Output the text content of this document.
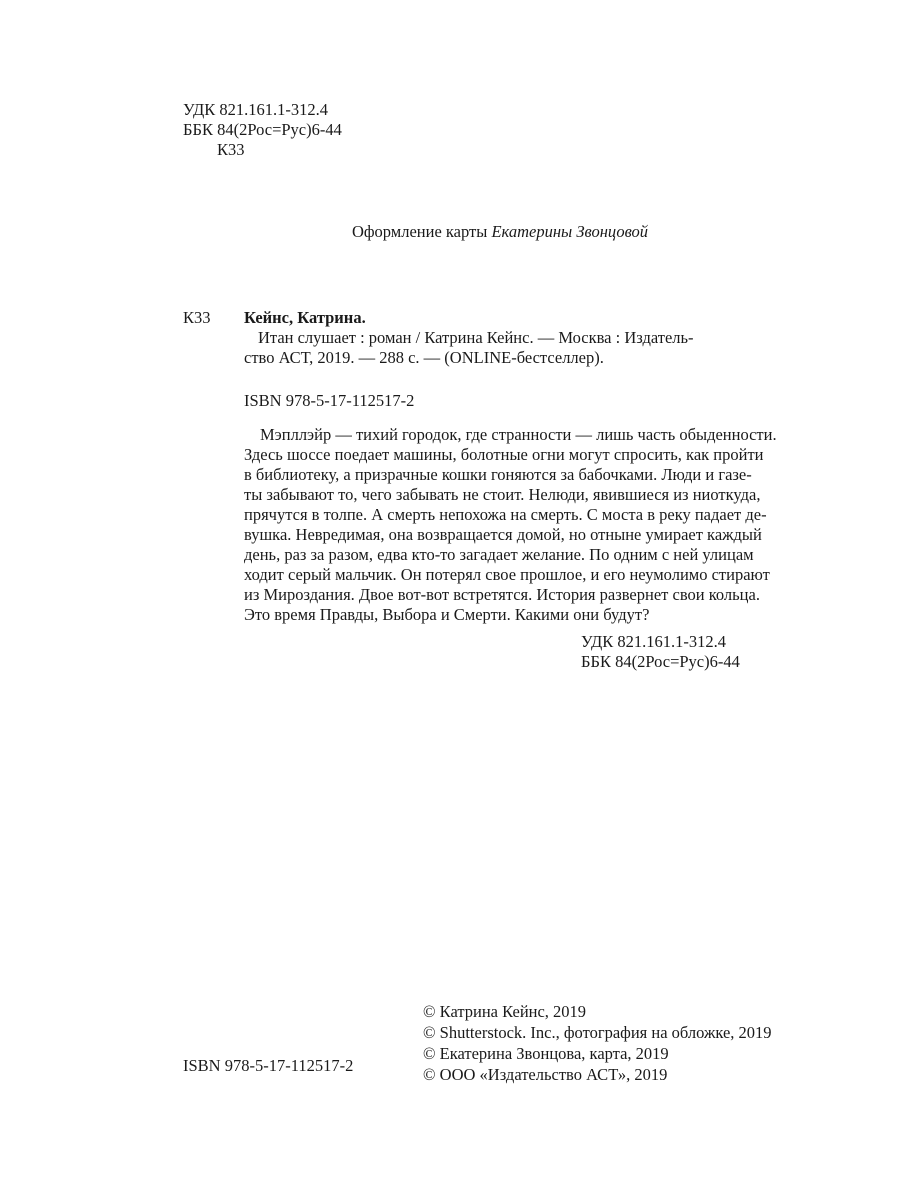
УДК 821.161.1-312.4
ББК 84(2Рос=Рус)6-44
К33
Оформление карты Екатерины Звонцовой
К33 Кейнс, Катрина.
Итан слушает : роман / Катрина Кейнс. — Москва : Издатель-
ство АСТ, 2019. — 288 с. — (ONLINE-бестселлер).
ISBN 978-5-17-112517-2
Мэпллэйр — тихий городок, где странности — лишь часть обыденности.
Здесь шоссе поедает машины, болотные огни могут спросить, как пройти
в библиотеку, а призрачные кошки гоняются за бабочками. Люди и газе-
ты забывают то, чего забывать не стоит. Нелюди, явившиеся из ниоткуда,
прячутся в толпе. А смерть непохожа на смерть. С моста в реку падает де-
вушка. Невредимая, она возвращается домой, но отныне умирает каждый
день, раз за разом, едва кто-то загадает желание. По одним с ней улицам
ходит серый мальчик. Он потерял свое прошлое, и его неумолимо стирают
из Мироздания. Двое вот-вот встретятся. История развернет свои кольца.
Это время Правды, Выбора и Смерти. Какими они будут?
УДК 821.161.1-312.4
ББК 84(2Рос=Рус)6-44
ISBN 978-5-17-112517-2
© Катрина Кейнс, 2019
© Shutterstock. Inc., фотография на обложке, 2019
© Екатерина Звонцова, карта, 2019
© ООО «Издательство АСТ», 2019
